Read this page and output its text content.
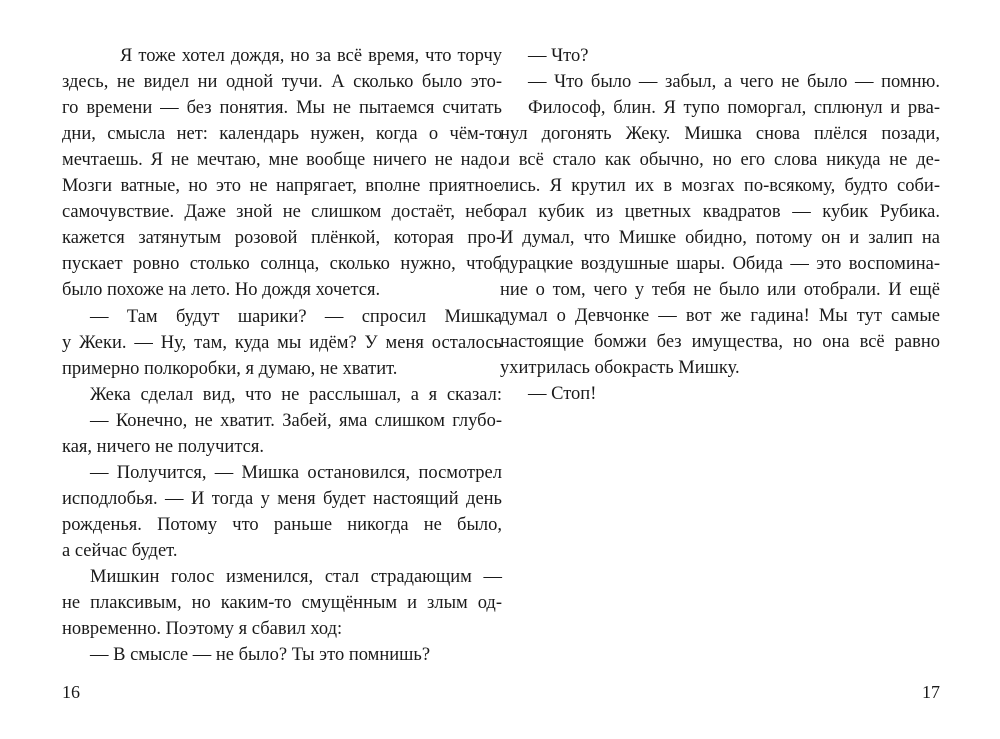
Я тоже хотел дождя, но за всё время, что торчу
здесь, не видел ни одной тучи. А сколько было это-
го времени — без понятия. Мы не пытаемся считать
дни, смысла нет: календарь нужен, когда о чём-то
мечтаешь. Я не мечтаю, мне вообще ничего не надо.
Мозги ватные, но это не напрягает, вполне приятное
самочувствие. Даже зной не слишком достаёт, небо
кажется затянутым розовой плёнкой, которая про-
пускает ровно столько солнца, сколько нужно, чтоб
было похоже на лето. Но дождя хочется.
— Там будут шарики? — спросил Мишка
у Жеки. — Ну, там, куда мы идём? У меня осталось
примерно полкоробки, я думаю, не хватит.
Жека сделал вид, что не расслышал, а я сказал:
— Конечно, не хватит. Забей, яма слишком глубо-
кая, ничего не получится.
— Получится, — Мишка остановился, посмотрел
исподлобья. — И тогда у меня будет настоящий день
рожденья. Потому что раньше никогда не было,
а сейчас будет.
Мишкин голос изменился, стал страдающим —
не плаксивым, но каким-то смущённым и злым од-
новременно. Поэтому я сбавил ход:
— В смысле — не было? Ты это помнишь?
16
— Что?
— Что было — забыл, а чего не было — помню.
Философ, блин. Я тупо поморгал, сплюнул и рва-
нул догонять Жеку. Мишка снова плёлся позади,
и всё стало как обычно, но его слова никуда не де-
лись. Я крутил их в мозгах по-всякому, будто соби-
рал кубик из цветных квадратов — кубик Рубика.
И думал, что Мишке обидно, потому он и залип на
дурацкие воздушные шары. Обида — это воспомина-
ние о том, чего у тебя не было или отобрали. И ещё
думал о Девчонке — вот же гадина! Мы тут самые
настоящие бомжи без имущества, но она всё равно
ухитрилась обокрасть Мишку.
— Стоп!
17
